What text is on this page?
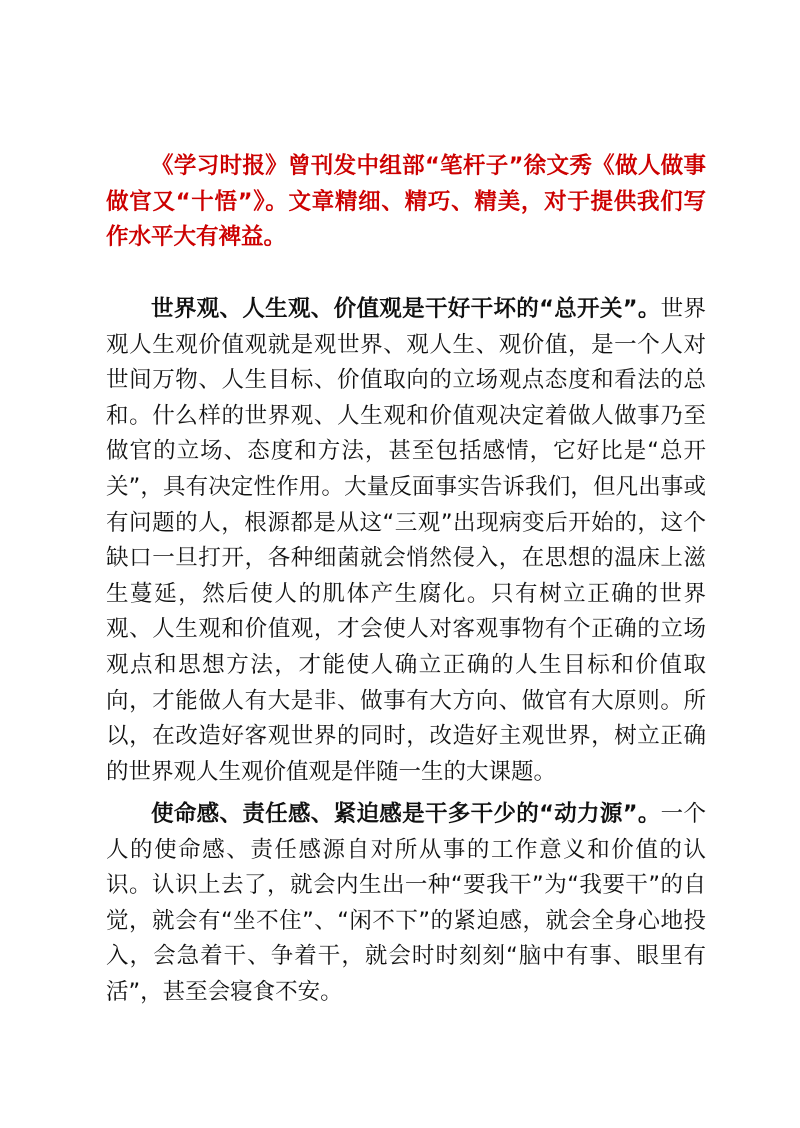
《学习时报》曾刊发中组部“笔杆子”徐文秀《做人做事做官又“十悟”》。文章精细、精巧、精美，对于提供我们写作水平大有裨益。

世界观、人生观、价值观是干好干坏的“总开关”。世界观人生观价值观就是观世界、观人生、观价值，是一个人对世间万物、人生目标、价值取向的立场观点态度和看法的总和。什么样的世界观、人生观和价值观决定着做人做事乃至做官的立场、态度和方法，甚至包括感情，它好比是“总开关”，具有决定性作用。大量反面事实告诉我们，但凡出事或有问题的人，根源都是从这“三观”出现病变后开始的，这个缺口一旦打开，各种细菌就会悄然侵入，在思想的温床上滋生蔓延，然后使人的肌体产生腐化。只有树立正确的世界观、人生观和价值观，才会使人对客观事物有个正确的立场观点和思想方法，才能使人确立正确的人生目标和价值取向，才能做人有大是非、做事有大方向、做官有大原则。所以，在改造好客观世界的同时，改造好主观世界，树立正确的世界观人生观价值观是伴随一生的大课题。

使命感、责任感、紧迫感是干多干少的“动力源”。一个人的使命感、责任感源自对所从事的工作意义和价值的认识。认识上去了，就会内生出一种“要我干”为“我要干”的自觉，就会有“坐不住”、“闲不下”的紧迫感，就会全身心地投入，会急着干、争着干，就会时时刻刻“脑中有事、眼里有活”，甚至会寝食不安。
